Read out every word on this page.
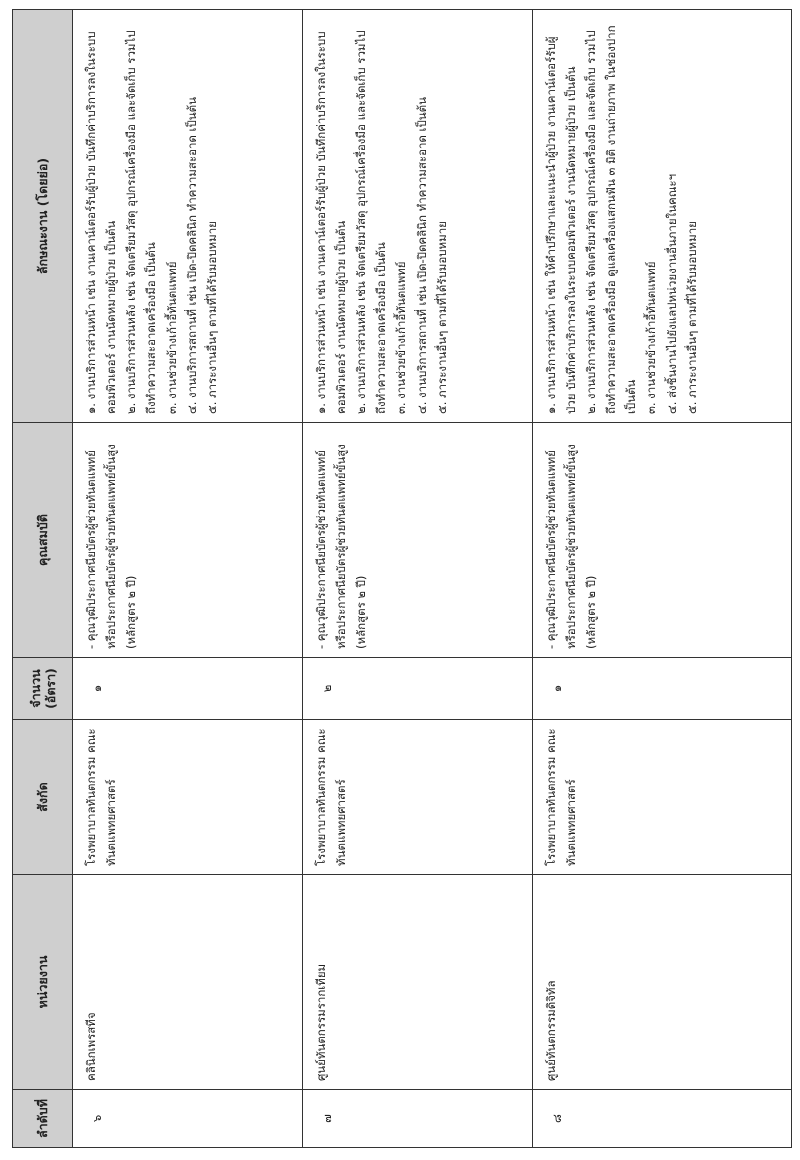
ลำดับที่	หน่วยงาน	สังกัด	จำนวน (อัตรา)	คุณสมบัติ	ลักษณะงาน (โดยย่อ)
๖	คลินิกเพรสทีจ	โรงพยาบาลทันตกรรม คณะทันตแพทยศาสตร์	๑	- คุณวุฒิประกาศนียบัตรผู้ช่วยทันตแพทย์ หรือประกาศนียบัตรผู้ช่วยทันตแพทย์ขั้นสูง (หลักสูตร ๒ ปี)	๑. งานบริการส่วนหน้า เช่น งานเคาน์เตอร์รับผู้ป่วย บันทึกค่าบริการลงในระบบคอมพิวเตอร์ งานนัดหมายผู้ป่วย เป็นต้น ๒. งานบริการส่วนหลัง เช่น จัดเตรียมวัสดุ อุปกรณ์เครื่องมือ และจัดเก็บ รวมไปถึงทำความสะอาดเครื่องมือ เป็นต้น ๓. งานช่วยข้างเก้าอี้ทันตแพทย์ ๔. งานบริการสถานที่ เช่น เปิด-ปิดคลินิก ทำความสะอาด เป็นต้น ๕. ภาระงานอื่นๆ ตามที่ได้รับมอบหมาย

๗	ศูนย์ทันตกรรมรากเทียม	โรงพยาบาลทันตกรรม คณะทันตแพทยศาสตร์	๒	- คุณวุฒิประกาศนียบัตรผู้ช่วยทันตแพทย์ หรือประกาศนียบัตรผู้ช่วยทันตแพทย์ขั้นสูง (หลักสูตร ๒ ปี)	๑. งานบริการส่วนหน้า เช่น งานเคาน์เตอร์รับผู้ป่วย บันทึกค่าบริการลงในระบบคอมพิวเตอร์ งานนัดหมายผู้ป่วย เป็นต้น ๒. งานบริการส่วนหลัง เช่น จัดเตรียมวัสดุ อุปกรณ์เครื่องมือ และจัดเก็บ รวมไปถึงทำความสะอาดเครื่องมือ เป็นต้น ๓. งานช่วยข้างเก้าอี้ทันตแพทย์ ๔. งานบริการสถานที่ เช่น เปิด-ปิดคลินิก ทำความสะอาด เป็นต้น ๕. ภาระงานอื่นๆ ตามที่ได้รับมอบหมาย

๘	ศูนย์ทันตกรรมดิจิทัล	โรงพยาบาลทันตกรรม คณะทันตแพทยศาสตร์	๑	- คุณวุฒิประกาศนียบัตรผู้ช่วยทันตแพทย์ หรือประกาศนียบัตรผู้ช่วยทันตแพทย์ขั้นสูง (หลักสูตร ๒ ปี)	๑. งานบริการส่วนหน้า เช่น ให้คำปรึกษาและแนะนำผู้ป่วย งานเคาน์เตอร์รับผู้ป่วย บันทึกค่าบริการลงในระบบคอมพิวเตอร์ งานนัดหมายผู้ป่วย เป็นต้น ๒. งานบริการส่วนหลัง เช่น จัดเตรียมวัสดุ อุปกรณ์เครื่องมือ และจัดเก็บ รวมไปถึงทำความสะอาดเครื่องมือ ดูแลเครื่องแสกนฟัน ๓ มิติ งานถ่ายภาพ ในช่องปาก เป็นต้น ๓. งานช่วยข้างเก้าอี้ทันตแพทย์ ๔. ส่งชิ้นงานไปยังแลปหน่วยงานอื่นภายในคณะฯ ๕. ภาระงานอื่นๆ ตามที่ได้รับมอบหมาย
